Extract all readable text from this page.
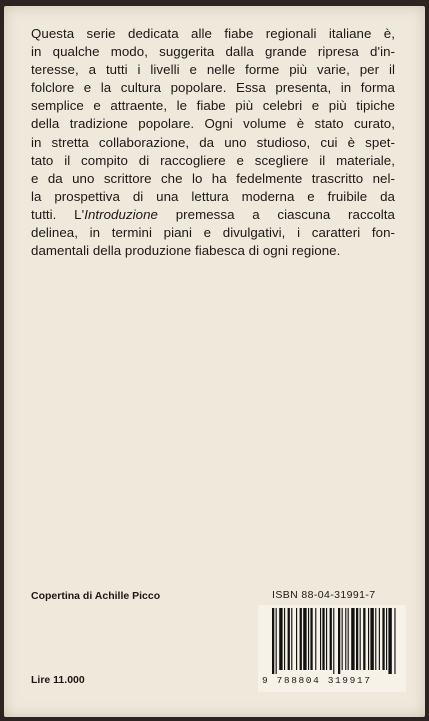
Questa serie dedicata alle fiabe regionali italiane è,
in qualche modo, suggerita dalla grande ripresa d'in-
teresse, a tutti i livelli e nelle forme più varie, per il
folclore e la cultura popolare. Essa presenta, in forma
semplice e attraente, le fiabe più celebri e più tipiche
della tradizione popolare. Ogni volume è stato curato,
in stretta collaborazione, da uno studioso, cui è spet-
tato il compito di raccogliere e scegliere il materiale,
e da uno scrittore che lo ha fedelmente trascritto nel-
la prospettiva di una lettura moderna e fruibile da
tutti. L'Introduzione premessa a ciascuna raccolta
delinea, in termini piani e divulgativi, i caratteri fon-
damentali della produzione fiabesca di ogni regione.

Copertina di Achille Picco
Lire 11.000
ISBN 88-04-31991-7
9 788804 319917
